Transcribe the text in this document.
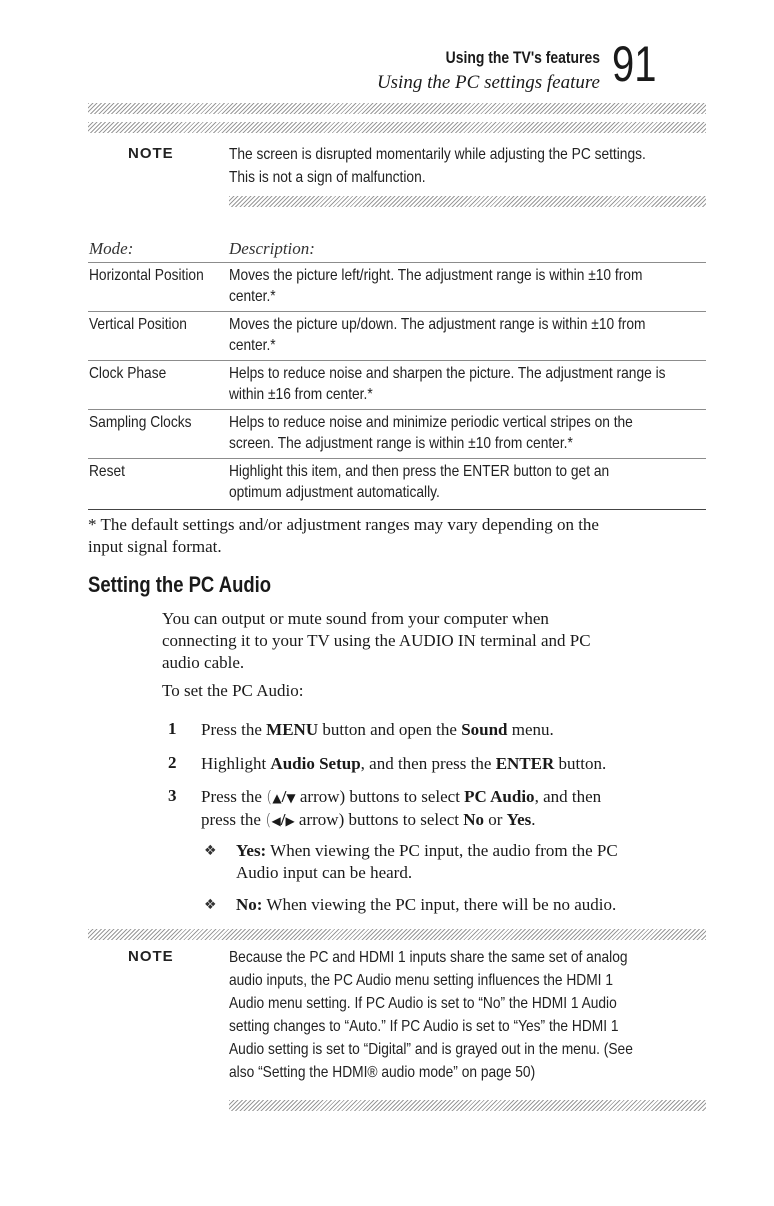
Using the TV's features
Using the PC settings feature 91
NOTE	The screen is disrupted momentarily while adjusting the PC settings.
This is not a sign of malfunction.
Mode:	Description:
Horizontal Position	Moves the picture left/right. The adjustment range is within ±10 from
center.*
Vertical Position	Moves the picture up/down. The adjustment range is within ±10 from
center.*
Clock Phase	Helps to reduce noise and sharpen the picture. The adjustment range is
within ±16 from center.*
Sampling Clocks	Helps to reduce noise and minimize periodic vertical stripes on the
screen. The adjustment range is within ±10 from center.*
Reset	Highlight this item, and then press the ENTER button to get an
optimum adjustment automatically.
* The default settings and/or adjustment ranges may vary depending on the
input signal format.
Setting the PC Audio
You can output or mute sound from your computer when
connecting it to your TV using the AUDIO IN terminal and PC
audio cable.
To set the PC Audio:
1 Press the MENU button and open the Sound menu.
2 Highlight Audio Setup, and then press the ENTER button.
3 Press the (▲/▼ arrow) buttons to select PC Audio, and then
press the (◀/▶ arrow) buttons to select No or Yes.
❖ Yes: When viewing the PC input, the audio from the PC
Audio input can be heard.
❖ No: When viewing the PC input, there will be no audio.
NOTE	Because the PC and HDMI 1 inputs share the same set of analog
audio inputs, the PC Audio menu setting influences the HDMI 1
Audio menu setting. If PC Audio is set to “No” the HDMI 1 Audio
setting changes to “Auto.” If PC Audio is set to “Yes” the HDMI 1
Audio setting is set to “Digital” and is grayed out in the menu. (See
also “Setting the HDMI® audio mode” on page 50)
